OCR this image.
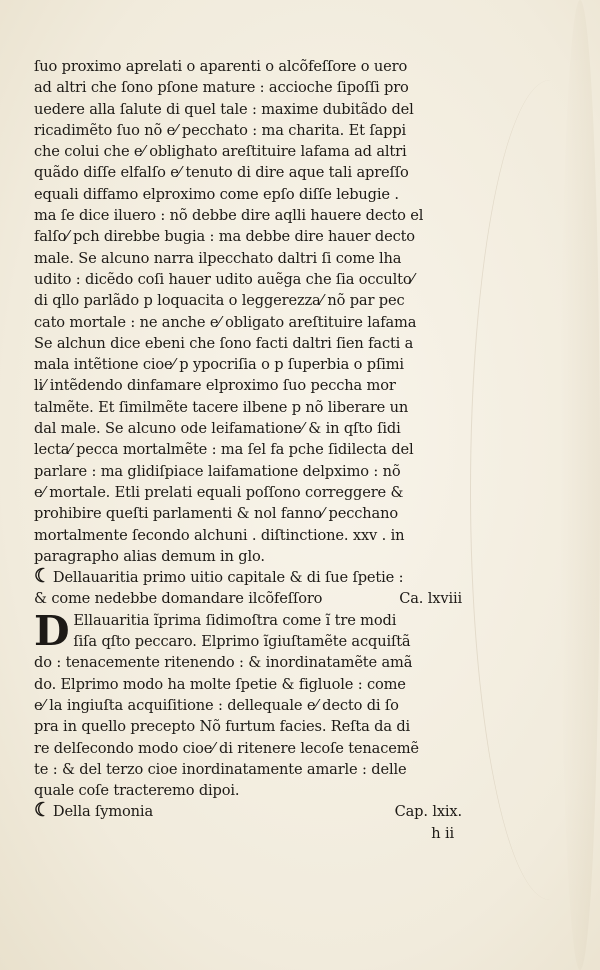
ſuo proximo aprelati o aparenti o alcõfeſſore o uero
ad altri che ſono pſone mature : accioche ſipoſſi pro
uedere alla ſalute di quel tale : maxime dubitãdo del
ricadimẽto ſuo nõ e⁄ pecchato : ma charita. Et ſappi
che colui che e⁄ oblighato areſtituire lafama ad altri
quãdo diſſe elfalſo e⁄ tenuto di dire aque tali apreſſo
equali diffamo elproximo come epſo diſſe lebugie .
ma ſe dice iluero : nõ debbe dire aqlli hauere decto el
falſo⁄ pch direbbe bugia : ma debbe dire hauer decto
male. Se alcuno narra ilpecchato daltri ſi come lha
udito : dicẽdo coſi hauer udito auẽga che ſia occulto⁄
di qllo parlãdo p loquacita o leggerezza⁄ nõ par pec
cato mortale : ne anche e⁄ obligato areſtituire lafama
Se alchun dice ebeni che ſono facti daltri ſien facti a
mala intẽtione cioe⁄ p ypocriſia o p ſuperbia o pſimi
li⁄ intẽdendo dinfamare elproximo ſuo peccha mor
talmẽte. Et ſimilmẽte tacere ilbene p nõ liberare un
dal male. Se alcuno ode leifamatione⁄ & in qſto ſidi
lecta⁄ pecca mortalmẽte : ma ſel fa pche ſidilecta del
parlare : ma glidiſpiace laifamatione delpximo : nõ
e⁄ mortale. Etli prelati equali poſſono correggere &
prohibire queſti parlamenti & nol fanno⁄ pecchano
mortalmente ſecondo alchuni . diſtinctione. xxv . in
paragrapho alias demum in glo.
☾ Dellauaritia primo uitio capitale & di ſue ſpetie :
& come nedebbe domandare ilcõfeſſoro	Ca. lxviii
D Ellauaritia ĩprima ſidimoſtra come ĩ tre modi
ſiſa qſto peccaro. Elprimo ĩgiuſtamẽte acquiſtã
do : tenacemente ritenendo : & inordinatamẽte amã
do. Elprimo modo ha molte ſpetie & figluole : come
e⁄ la ingiuſta acquiſitione : dellequale e⁄ decto di ſo
pra in quello precepto Nõ furtum facies. Reſta da di
re delſecondo modo cioe⁄ di ritenere lecoſe tenacemẽ
te : & del terzo cioe inordinatamente amarle : delle
quale coſe tracteremo dipoi.
☾ Della ſymonia	Cap. lxix.
h ii
